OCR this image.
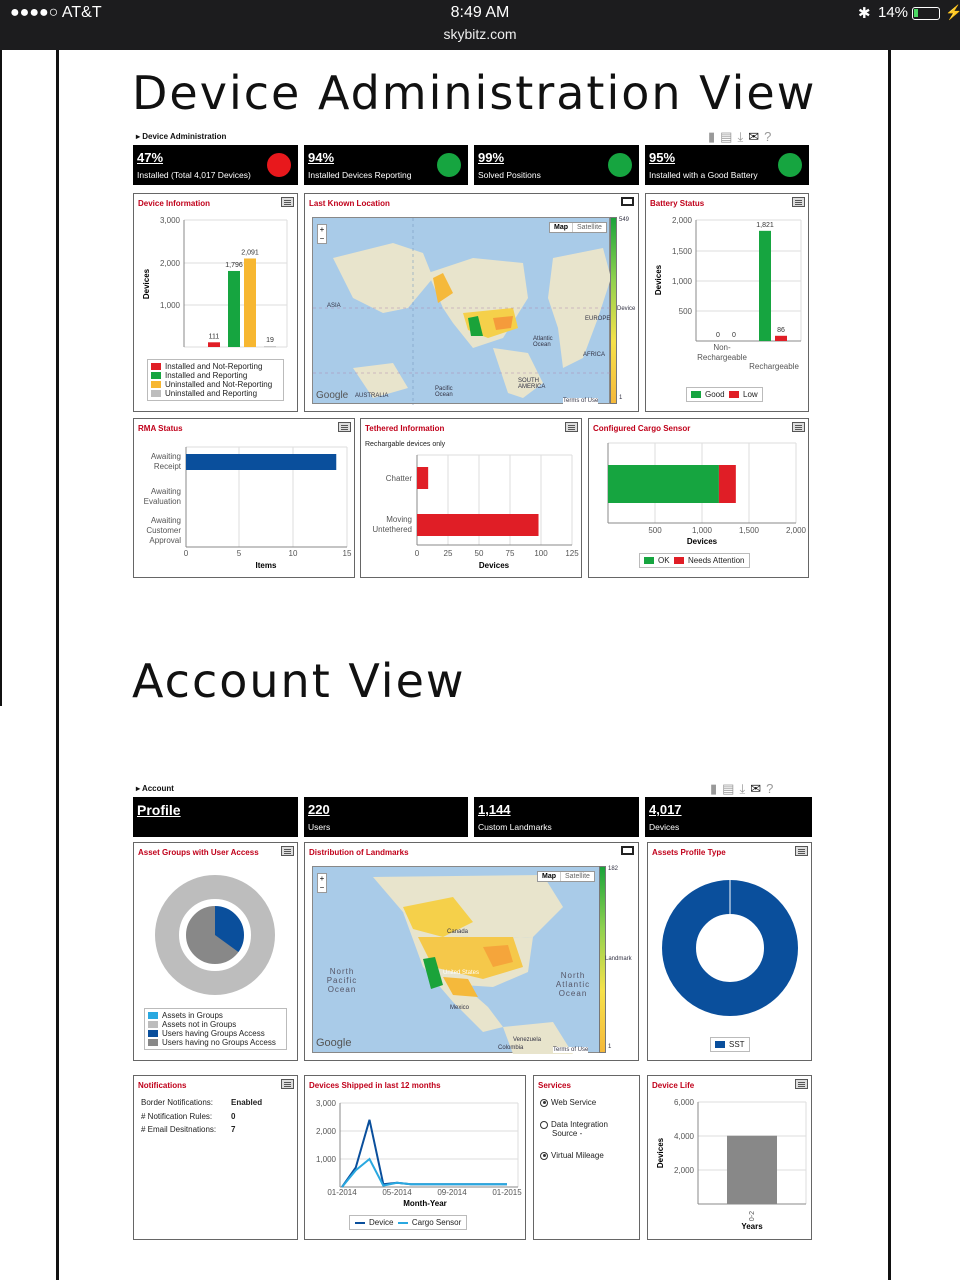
●●●●○ AT&T	8:49 AM
skybitz.com
✱ 14%	⚡
Device Administration View
▸ Device Administration	▮ ▤ ⤓ ✉ ?
47%
Installed (Total 4,017 Devices)
94%
Installed Devices Reporting
99%
Solved Positions
95%
Installed with a Good Battery
Device Information
3,000
2,000
1,000
Devices
111
1,796
2,091
19
Installed and Not-Reporting
Installed and Reporting
Uninstalled and Not-Reporting
Uninstalled and Reporting
Last Known Location
+
−
Map Satellite
ASIA
EUROPE
AFRICA
AUSTRALIA
SOUTH AMERICA
Atlantic Ocean
Pacific Ocean
Google	Terms of Use
549
Device
1
Battery Status
2,000
1,500
1,000
500
Devices
Non-
Rechargeable
Rechargeable
0 0
1,821
86
Good Low
RMA Status
Awaiting
Receipt
Awaiting
Evaluation
Awaiting
Customer
Approval
0	5	10	15
Items
Tethered Information
Rechargable devices only
Chatter
Moving
Untethered
0	25	50	75 100 125
Devices
Configured Cargo Sensor
500	1,000	1,500	2,000
Devices
OK Needs Attention
Account View
▸ Account	▮ ▤ ⤓ ✉ ?
Profile	220
Users
1,144
Custom Landmarks
4,017
Devices
Asset Groups with User Access
Assets in Groups
Assets not in Groups
Users having Groups Access
Users having no Groups Access
Distribution of Landmarks
+
−
Map Satellite
Canada
United States
Mexico
Venezuela
Colombia
North Pacific Ocean
North Atlantic Ocean
Google
Terms of Use
182
Landmark
1
Assets Profile Type
SST
Notifications
Border Notifications: Enabled
# Notification Rules: 0
# Email Desitnations: 7
Devices Shipped in last 12 months
3,000
2,000
1,000
01-2014	05-2014	09-2014	01-2015
Month-Year
Device Cargo Sensor
Services
Web Service
Data Integration
Source -
Virtual Mileage
Device Life
6,000
4,000
2,000
Devices
0-2
Years
